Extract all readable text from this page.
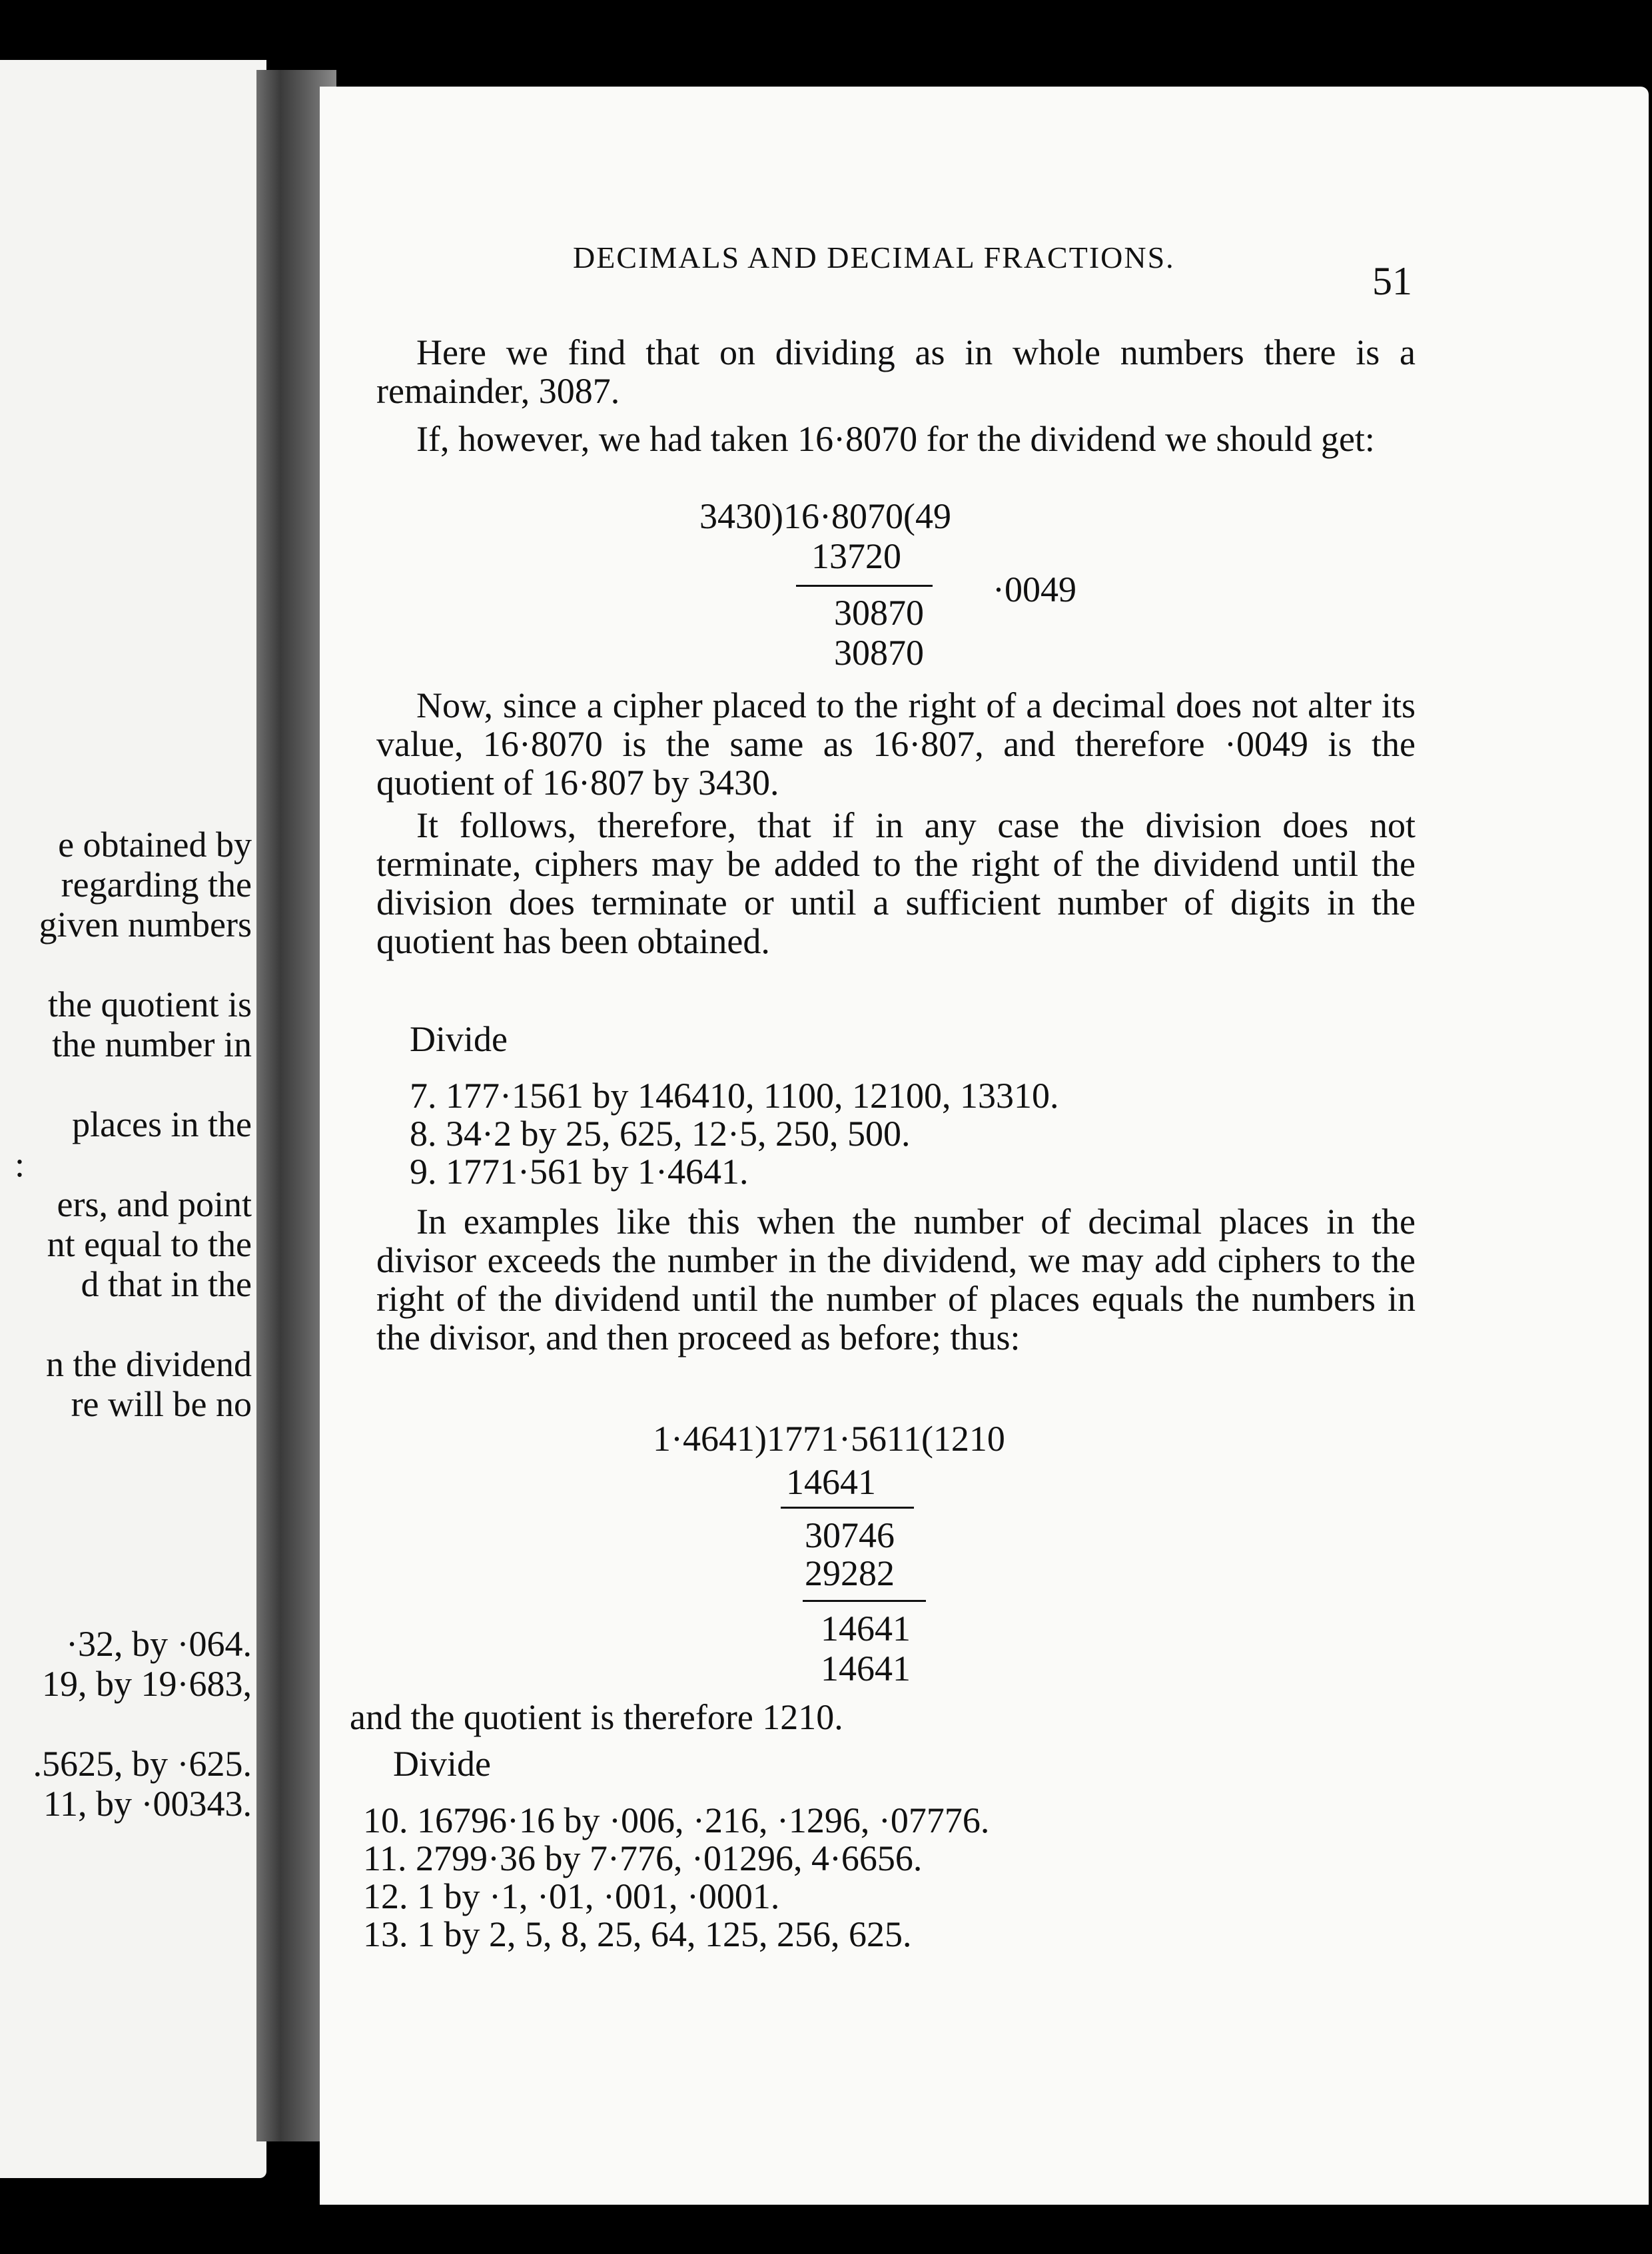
e obtained by
regarding the
given numbers
the quotient is
the number in
places in the
:
ers, and point
nt equal to the
d that in the
n the dividend
re will be no
·32, by ·064.
19, by 19·683,
.5625, by ·625.
11, by ·00343.
DECIMALS AND DECIMAL FRACTIONS.
51
Here we find that on dividing as in whole numbers there is a remainder, 3087.
If, however, we had taken 16·8070 for the dividend we should get:
3430)16·8070(49
13720
30870
30870
·0049
Now, since a cipher placed to the right of a decimal does not alter its value, 16·8070 is the same as 16·807, and therefore ·0049 is the quotient of 16·807 by 3430.
It follows, therefore, that if in any case the division does not terminate, ciphers may be added to the right of the dividend until the division does terminate or until a sufficient number of digits in the quotient has been obtained.
Divide
7. 177·1561 by 146410, 1100, 12100, 13310.
8. 34·2 by 25, 625, 12·5, 250, 500.
9. 1771·561 by 1·4641.
In examples like this when the number of decimal places in the divisor exceeds the number in the dividend, we may add ciphers to the right of the dividend until the number of places equals the numbers in the divisor, and then proceed as before; thus:
1·4641)1771·5611(1210
14641
30746
29282
14641
14641
and the quotient is therefore 1210.
Divide
10. 16796·16 by ·006, ·216, ·1296, ·07776.
11. 2799·36 by 7·776, ·01296, 4·6656.
12. 1 by ·1, ·01, ·001, ·0001.
13. 1 by 2, 5, 8, 25, 64, 125, 256, 625.
